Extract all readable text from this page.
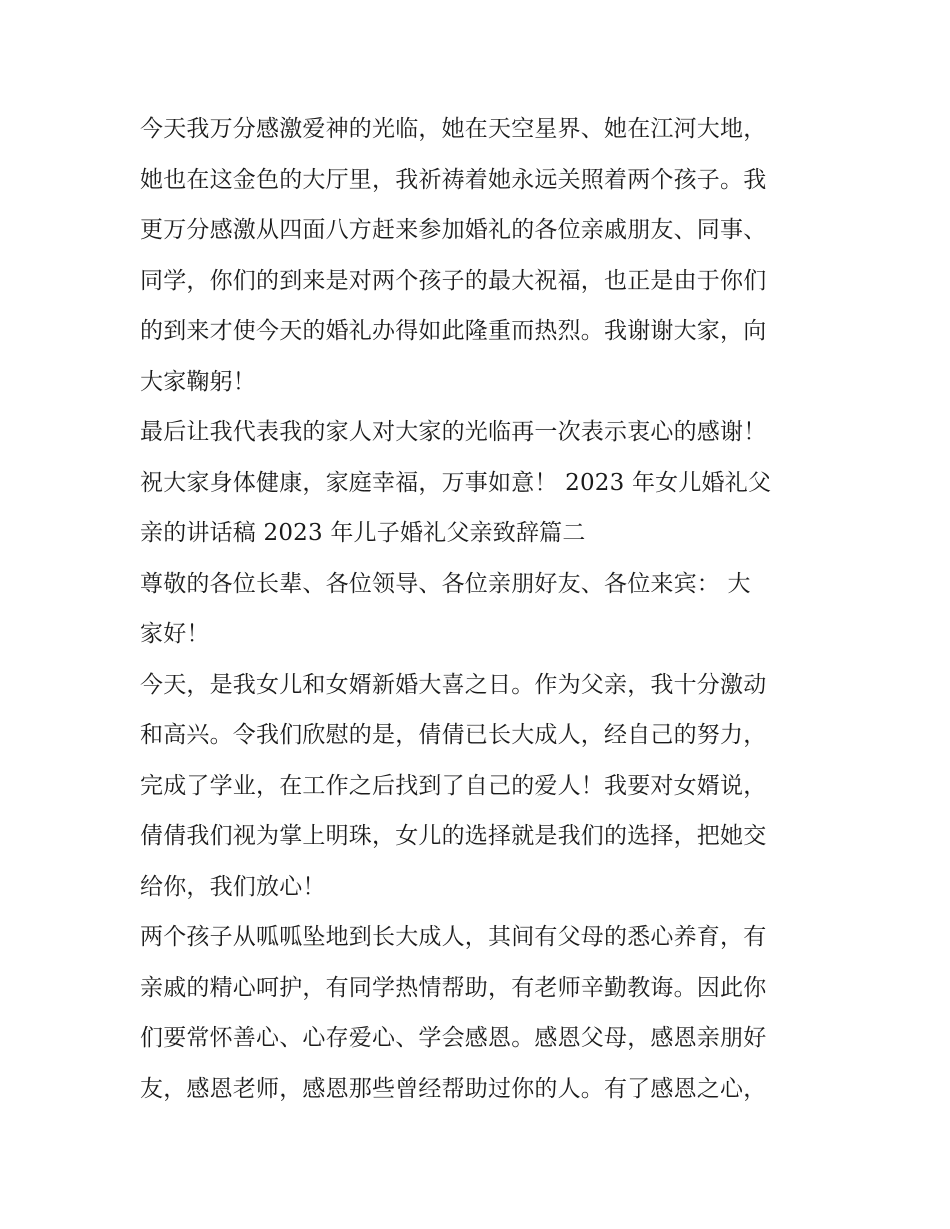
今天我万分感激爱神的光临，她在天空星界、她在江河大地，
她也在这金色的大厅里，我祈祷着她永远关照着两个孩子。我
更万分感激从四面八方赶来参加婚礼的各位亲戚朋友、同事、
同学，你们的到来是对两个孩子的最大祝福，也正是由于你们
的到来才使今天的婚礼办得如此隆重而热烈。我谢谢大家，向
大家鞠躬！
最后让我代表我的家人对大家的光临再一次表示衷心的感谢！
祝大家身体健康，家庭幸福，万事如意！ 2023 年女儿婚礼父
亲的讲话稿 2023 年儿子婚礼父亲致辞篇二
尊敬的各位长辈、各位领导、各位亲朋好友、各位来宾： 大
家好！
今天，是我女儿和女婿新婚大喜之日。作为父亲，我十分激动
和高兴。令我们欣慰的是，倩倩已长大成人，经自己的努力，
完成了学业，在工作之后找到了自己的爱人！我要对女婿说，
倩倩我们视为掌上明珠，女儿的选择就是我们的选择，把她交
给你，我们放心！
两个孩子从呱呱坠地到长大成人，其间有父母的悉心养育，有
亲戚的精心呵护，有同学热情帮助，有老师辛勤教诲。因此你
们要常怀善心、心存爱心、学会感恩。感恩父母，感恩亲朋好
友，感恩老师，感恩那些曾经帮助过你的人。有了感恩之心，
